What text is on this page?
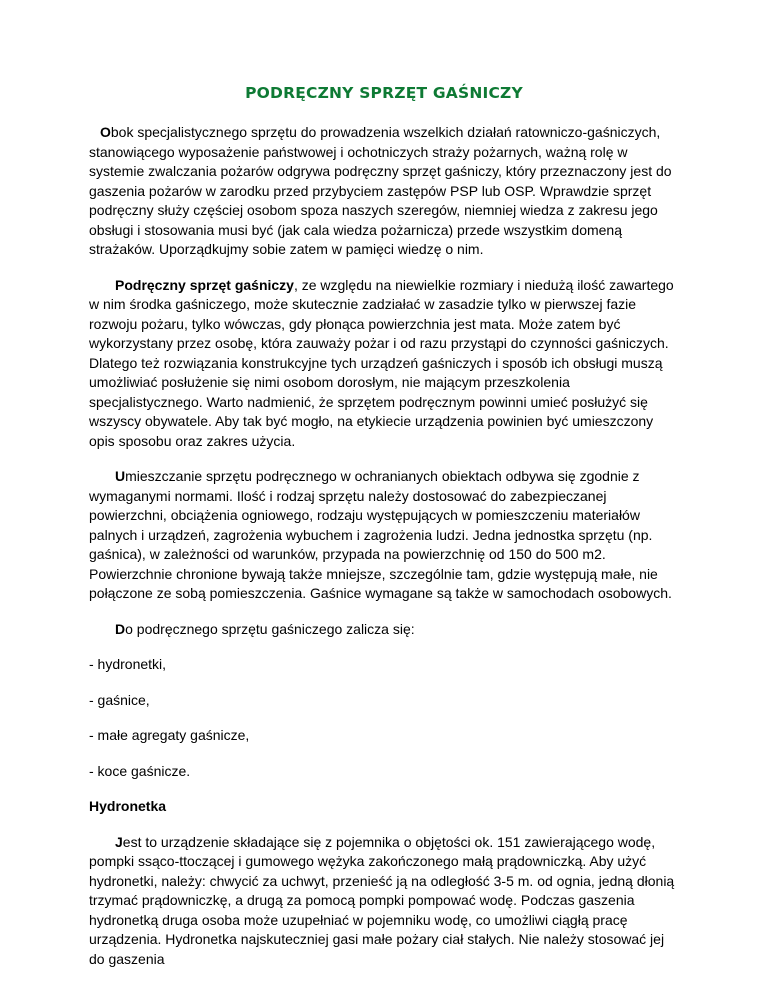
PODRĘCZNY SPRZĘT GAŚNICZY

Obok specjalistycznego sprzętu do prowadzenia wszelkich działań ratowniczo-gaśniczych, stanowiącego wyposażenie państwowej i ochotniczych straży pożarnych, ważną rolę w systemie zwalczania pożarów odgrywa podręczny sprzęt gaśniczy, który przeznaczony jest do gaszenia pożarów w zarodku przed przybyciem zastępów PSP lub OSP. Wprawdzie sprzęt podręczny służy częściej osobom spoza naszych szeregów, niemniej wiedza z zakresu jego obsługi i stosowania musi być (jak cala wiedza pożarnicza) przede wszystkim domeną strażaków. Uporządkujmy sobie zatem w pamięci wiedzę o nim.

Podręczny sprzęt gaśniczy, ze względu na niewielkie rozmiary i niedużą ilość zawartego w nim środka gaśniczego, może skutecznie zadziałać w zasadzie tylko w pierwszej fazie rozwoju pożaru, tylko wówczas, gdy płonąca powierzchnia jest mata. Może zatem być wykorzystany przez osobę, która zauważy pożar i od razu przystąpi do czynności gaśniczych. Dlatego też rozwiązania konstrukcyjne tych urządzeń gaśniczych i sposób ich obsługi muszą umożliwiać posłużenie się nimi osobom dorosłym, nie mającym przeszkolenia specjalistycznego. Warto nadmienić, że sprzętem podręcznym powinni umieć posłużyć się wszyscy obywatele. Aby tak być mogło, na etykiecie urządzenia powinien być umieszczony opis sposobu oraz zakres użycia.

Umieszczanie sprzętu podręcznego w ochranianych obiektach odbywa się zgodnie z wymaganymi normami. Ilość i rodzaj sprzętu należy dostosować do zabezpieczanej powierzchni, obciążenia ogniowego, rodzaju występujących w pomieszczeniu materiałów palnych i urządzeń, zagrożenia wybuchem i zagrożenia ludzi. Jedna jednostka sprzętu (np. gaśnica), w zależności od warunków, przypada na powierzchnię od 150 do 500 m2. Powierzchnie chronione bywają także mniejsze, szczególnie tam, gdzie występują małe, nie połączone ze sobą pomieszczenia. Gaśnice wymagane są także w samochodach osobowych.

Do podręcznego sprzętu gaśniczego zalicza się:

- hydronetki,

- gaśnice,

- małe agregaty gaśnicze,

- koce gaśnicze.

Hydronetka

Jest to urządzenie składające się z pojemnika o objętości ok. 151 zawierającego wodę, pompki ssąco-ttoczącej i gumowego wężyka zakończonego małą prądowniczką. Aby użyć hydronetki, należy: chwycić za uchwyt, przenieść ją na odległość 3-5 m. od ognia, jedną dłonią trzymać prądowniczkę, a drugą za pomocą pompki pompować wodę. Podczas gaszenia hydronetką druga osoba może uzupełniać w pojemniku wodę, co umożliwi ciągłą pracę urządzenia. Hydronetka najskuteczniej gasi małe pożary ciał stałych. Nie należy stosować jej do gaszenia
